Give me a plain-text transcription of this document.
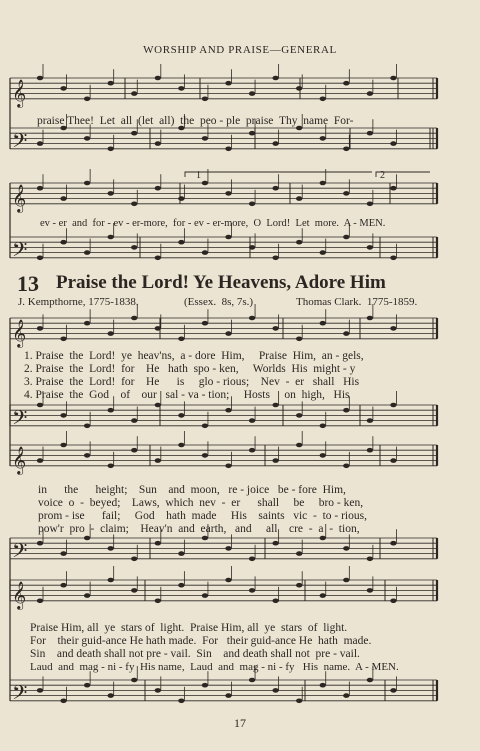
𝄞
𝄢
𝄞
𝄢
𝄞
𝄢
𝄞
𝄢
𝄞
𝄢
WORSHIP AND PRAISE—GENERAL
praise Thee!  Let  all  (let  all)  the  peo - ple  praise  Thy  name  For-
ev - er  and  for - ev - er-more,  for - ev - er-more,  O  Lord!  Let  more.  A - MEN.
1	2
13 Praise the Lord! Ye Heavens, Adore Him
J. Kempthorne, 1775-1838.	(Essex.  8s, 7s.)	Thomas Clark.  1775-1859.
1. Praise  the  Lord!  ye  heav'ns,  a - dore  Him,     Praise  Him,  an - gels,
2. Praise  the  Lord!  for    He   hath  spo - ken,     Worlds  His  might - y
3. Praise  the  Lord!  for    He      is     glo - rious;    Nev  -  er   shall   His
4. Praise  the  God    of    our   sal - va - tion;     Hosts     on  high,   His
in      the      height;    Sun    and  moon,   re - joice   be - fore  Him,
voice  o  -  beyed;    Laws,  which  nev  -  er      shall     be     bro - ken,
prom - ise      fail;     God    hath  made     His    saints   vic  -  to - rious,
pow'r  pro  -  claim;    Heav'n  and  earth,   and     all    cre  -  a  -  tion,
Praise Him, all  ye  stars of  light.  Praise Him, all  ye  stars  of  light.
For    their guid-ance He hath made.  For   their guid-ance He  hath  made.
Sin    and death shall not pre - vail.  Sin    and death shall not  pre - vail.
Laud  and  mag - ni - fy  His name,  Laud  and  mag - ni - fy   His  name.  A - MEN.
17
